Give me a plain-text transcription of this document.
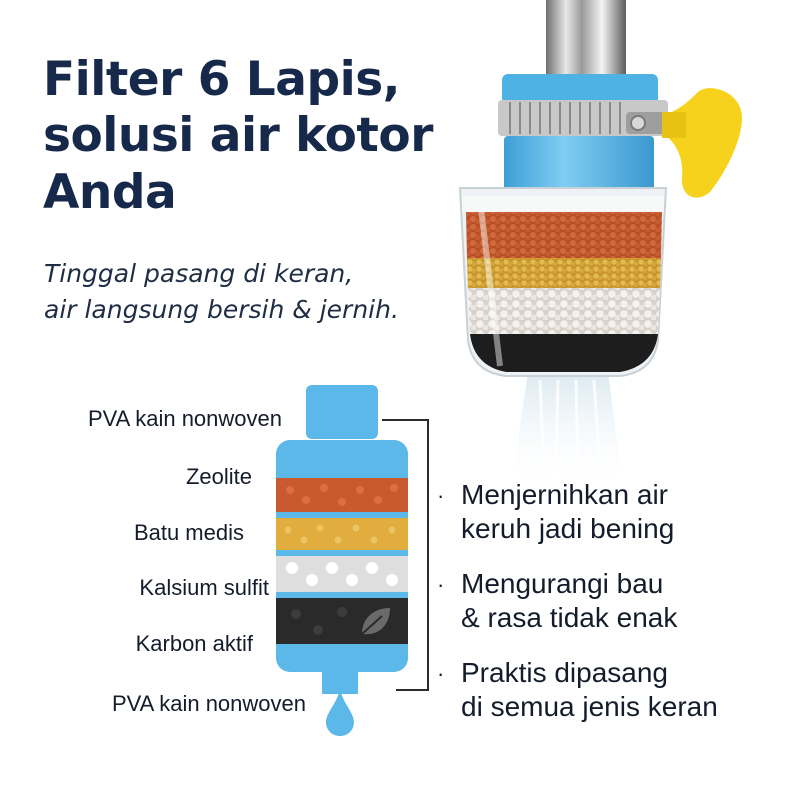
Filter 6 Lapis,
solusi air kotor
Anda

Tinggal pasang di keran,
air langsung bersih & jernih.

PVA kain nonwoven
Zeolite
Batu medis
Kalsium sulfit
Karbon aktif
PVA kain nonwoven
· Menjernihkan air
keruh jadi bening
· Mengurangi bau
& rasa tidak enak
· Praktis dipasang
di semua jenis keran
